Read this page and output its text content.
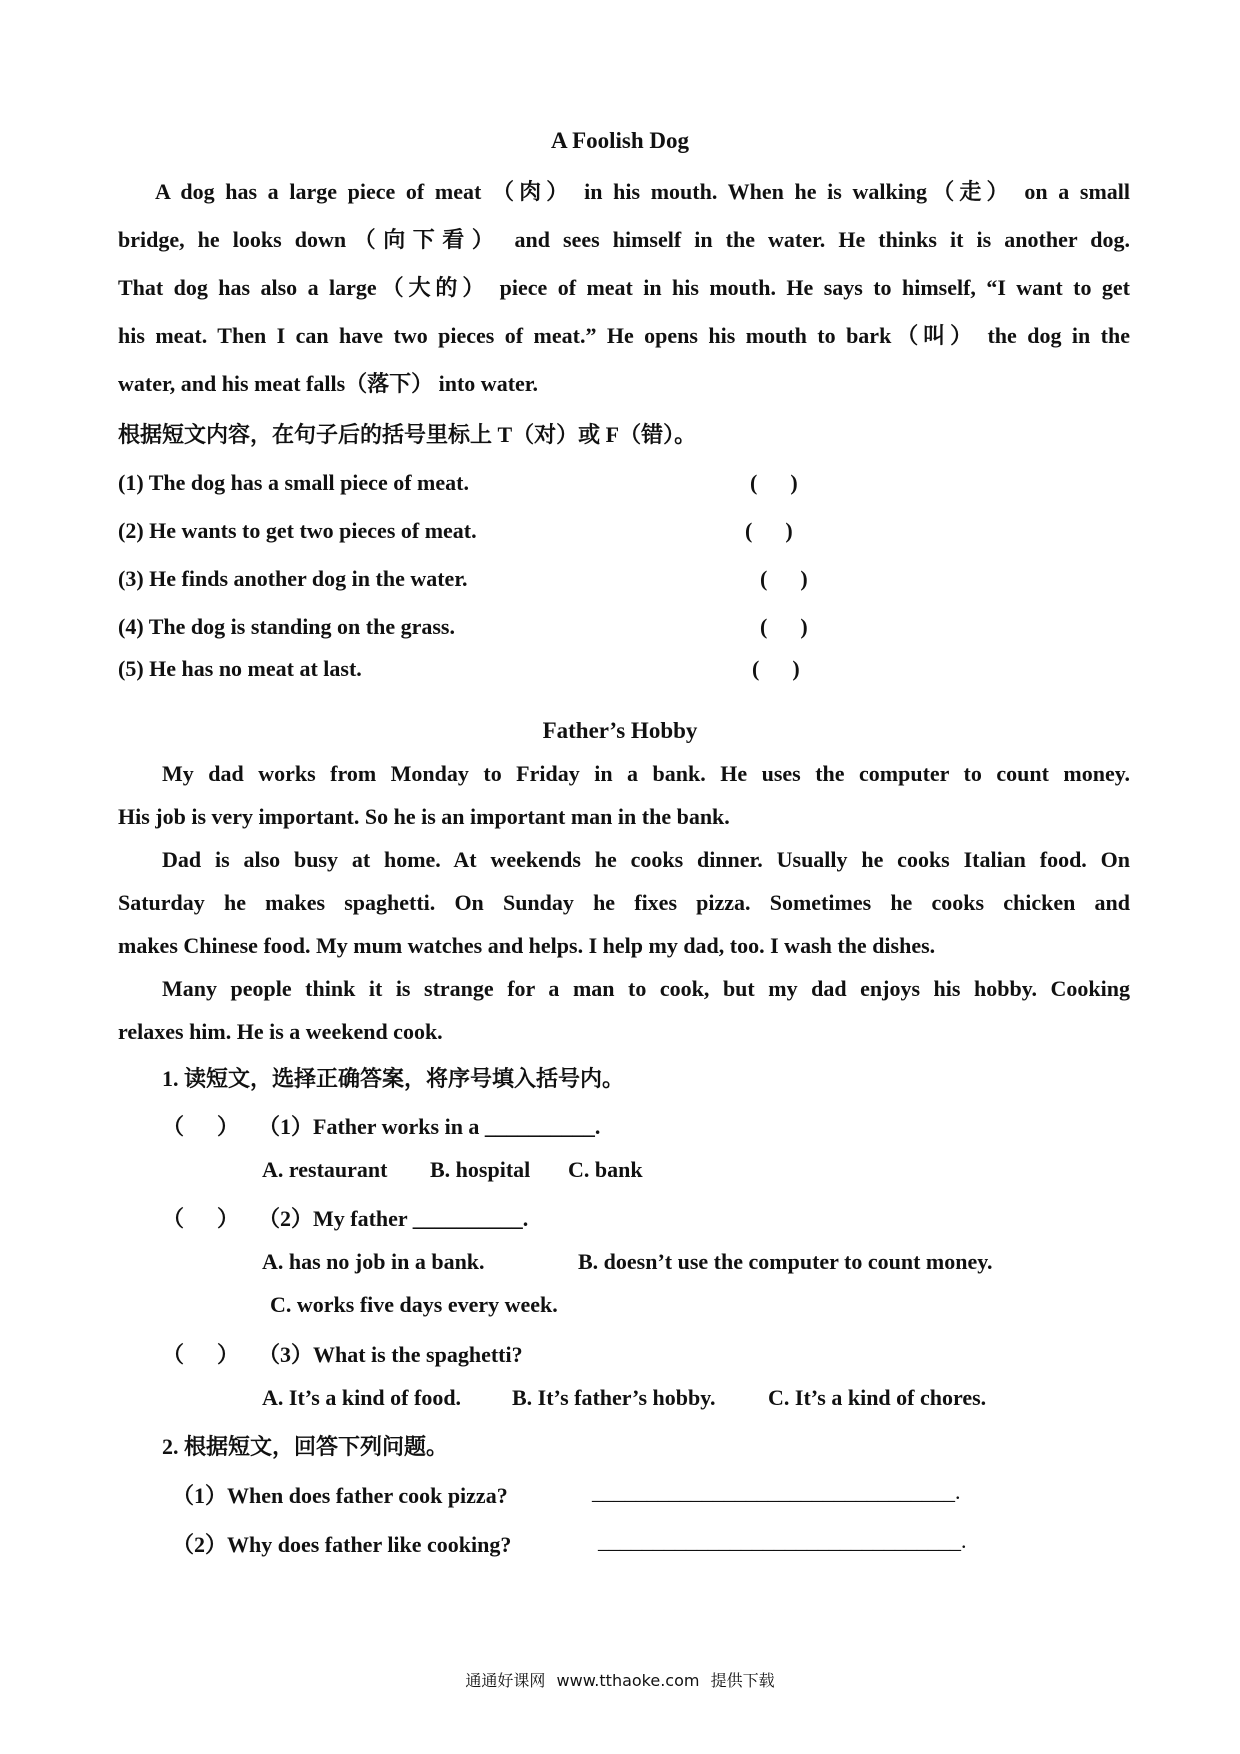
A Foolish Dog
A dog has a large piece of meat （肉） in his mouth. When he is walking（走） on a small
bridge, he looks down（向下看） and sees himself in the water. He thinks it is another dog.
That dog has also a large（大的） piece of meat in his mouth. He says to himself, “I want to get
his meat. Then I can have two pieces of meat.” He opens his mouth to bark（叫） the dog in the
water, and his meat falls（落下） into water.
根据短文内容，在句子后的括号里标上 T（对）或 F（错）。
(1) The dog has a small piece of meat.	(      )
(2) He wants to get two pieces of meat.	(      )
(3) He finds another dog in the water.	(      )
(4) The dog is standing on the grass.	(      )
(5) He has no meat at last.	(      )
Father’s Hobby
My dad works from Monday to Friday in a bank. He uses the computer to count money.
His job is very important. So he is an important man in the bank.
Dad is also busy at home. At weekends he cooks dinner. Usually he cooks Italian food. On
Saturday he makes spaghetti. On Sunday he fixes pizza. Sometimes he cooks chicken and
makes Chinese food. My mum watches and helps. I help my dad, too. I wash the dishes.
Many people think it is strange for a man to cook, but my dad enjoys his hobby. Cooking
relaxes him. He is a weekend cook.
1. 读短文，选择正确答案，将序号填入括号内。
（      ） （1）Father works in a __________.
A. restaurant B. hospital C. bank
（      ） （2）My father __________.
A. has no job in a bank.	B. doesn’t use the computer to count money.
C. works five days every week.
（      ） （3）What is the spaghetti?
A. It’s a kind of food. B. It’s father’s hobby. C. It’s a kind of chores.
2. 根据短文，回答下列问题。
（1）When does father cook pizza?	_________________________________.
（2）Why does father like cooking?	_________________________________.
通通好课网 www.tthaoke.com 提供下载
